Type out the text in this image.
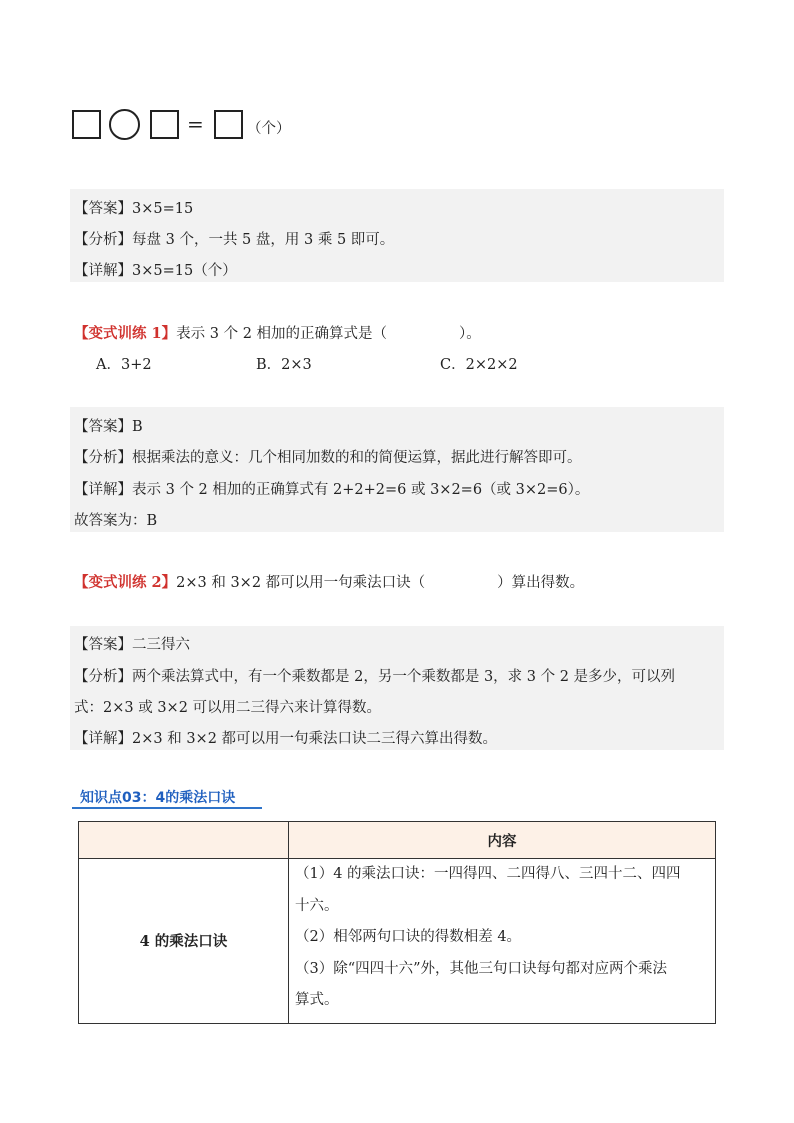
=	（个）
【答案】3×5=15
【分析】每盘 3 个，一共 5 盘，用 3 乘 5 即可。
【详解】3×5=15（个）
【变式训练 1】表示 3 个 2 相加的正确算式是（	）。
A．3+2	B．2×3	C．2×2×2
【答案】B
【分析】根据乘法的意义：几个相同加数的和的简便运算，据此进行解答即可。
【详解】表示 3 个 2 相加的正确算式有 2+2+2=6 或 3×2=6（或 3×2=6）。
故答案为：B
【变式训练 2】2×3 和 3×2 都可以用一句乘法口诀（	）算出得数。
【答案】二三得六
【分析】两个乘法算式中，有一个乘数都是 2，另一个乘数都是 3，求 3 个 2 是多少，可以列
式：2×3 或 3×2 可以用二三得六来计算得数。
【详解】2×3 和 3×2 都可以用一句乘法口诀二三得六算出得数。
知识点03：4的乘法口诀
	内容
4 的乘法口诀	（1）4 的乘法口诀：一四得四、二四得八、三四十二、四四
十六。
（2）相邻两句口诀的得数相差 4。
（3）除“四四十六”外，其他三句口诀每句都对应两个乘法
算式。
